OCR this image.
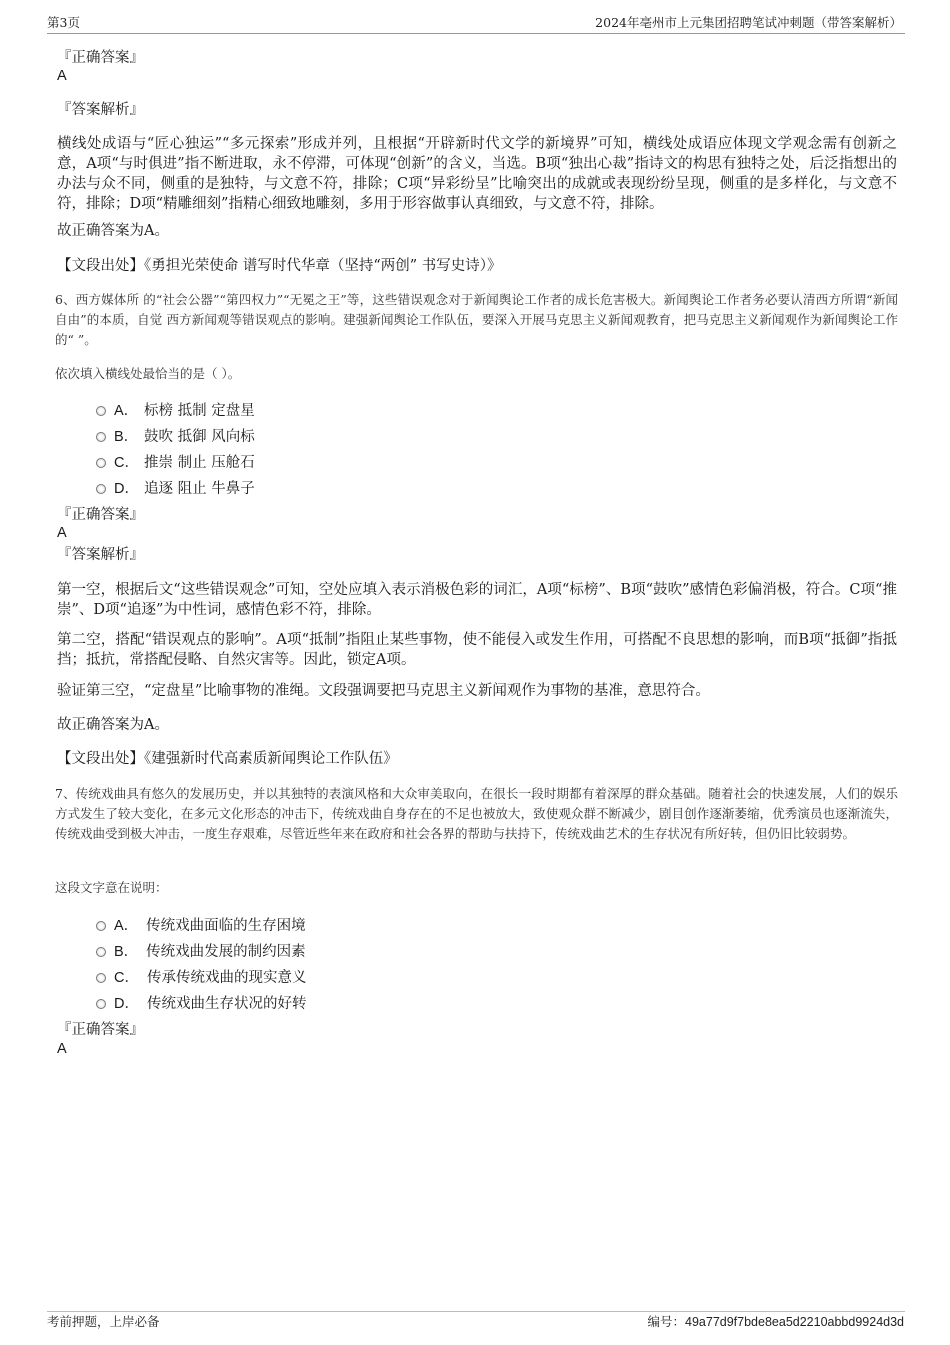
第3页	2024年亳州市上元集团招聘笔试冲刺题（带答案解析）
『正确答案』
A
『答案解析』
横线处成语与“匠心独运”“多元探索”形成并列，且根据“开辟新时代文学的新境界”可知，横线处成语应体现文学观念需有创新之意，A项“与时俱进”指不断进取，永不停滞，可体现“创新”的含义，当选。B项“独出心裁”指诗文的构思有独特之处，后泛指想出的办法与众不同，侧重的是独特，与文意不符，排除；C项“异彩纷呈”比喻突出的成就或表现纷纷呈现，侧重的是多样化，与文意不符，排除；D项“精雕细刻”指精心细致地雕刻，多用于形容做事认真细致，与文意不符，排除。
故正确答案为A。
【文段出处】《勇担光荣使命 谱写时代华章（坚持“两创” 书写史诗）》
6、西方媒体所 的“社会公器”“第四权力”“无冕之王”等，这些错误观念对于新闻舆论工作者的成长危害极大。新闻舆论工作者务必要认清西方所谓“新闻自由”的本质，自觉 西方新闻观等错误观点的影响。建强新闻舆论工作队伍，要深入开展马克思主义新闻观教育，把马克思主义新闻观作为新闻舆论工作的“ ”。
依次填入横线处最恰当的是（ ）。
A． 标榜 抵制 定盘星
B． 鼓吹 抵御 风向标
C． 推崇 制止 压舱石
D． 追逐 阻止 牛鼻子
『正确答案』
A
『答案解析』
第一空，根据后文“这些错误观念”可知，空处应填入表示消极色彩的词汇，A项“标榜”、B项“鼓吹”感情色彩偏消极，符合。C项“推崇”、D项“追逐”为中性词，感情色彩不符，排除。
第二空，搭配“错误观点的影响”。A项“抵制”指阻止某些事物，使不能侵入或发生作用，可搭配不良思想的影响，而B项“抵御”指抵挡；抵抗，常搭配侵略、自然灾害等。因此，锁定A项。
验证第三空，“定盘星”比喻事物的准绳。文段强调要把马克思主义新闻观作为事物的基准，意思符合。
故正确答案为A。
【文段出处】《建强新时代高素质新闻舆论工作队伍》
7、传统戏曲具有悠久的发展历史，并以其独特的表演风格和大众审美取向，在很长一段时期都有着深厚的群众基础。随着社会的快速发展，人们的娱乐方式发生了较大变化，在多元文化形态的冲击下，传统戏曲自身存在的不足也被放大，致使观众群不断减少，剧目创作逐渐萎缩，优秀演员也逐渐流失，传统戏曲受到极大冲击，一度生存艰难，尽管近些年来在政府和社会各界的帮助与扶持下，传统戏曲艺术的生存状况有所好转，但仍旧比较弱势。
这段文字意在说明：
A． 传统戏曲面临的生存困境
B． 传统戏曲发展的制约因素
C． 传承传统戏曲的现实意义
D． 传统戏曲生存状况的好转
『正确答案』
A
考前押题，上岸必备	编号：49a77d9f7bde8ea5d2210abbd9924d3d
